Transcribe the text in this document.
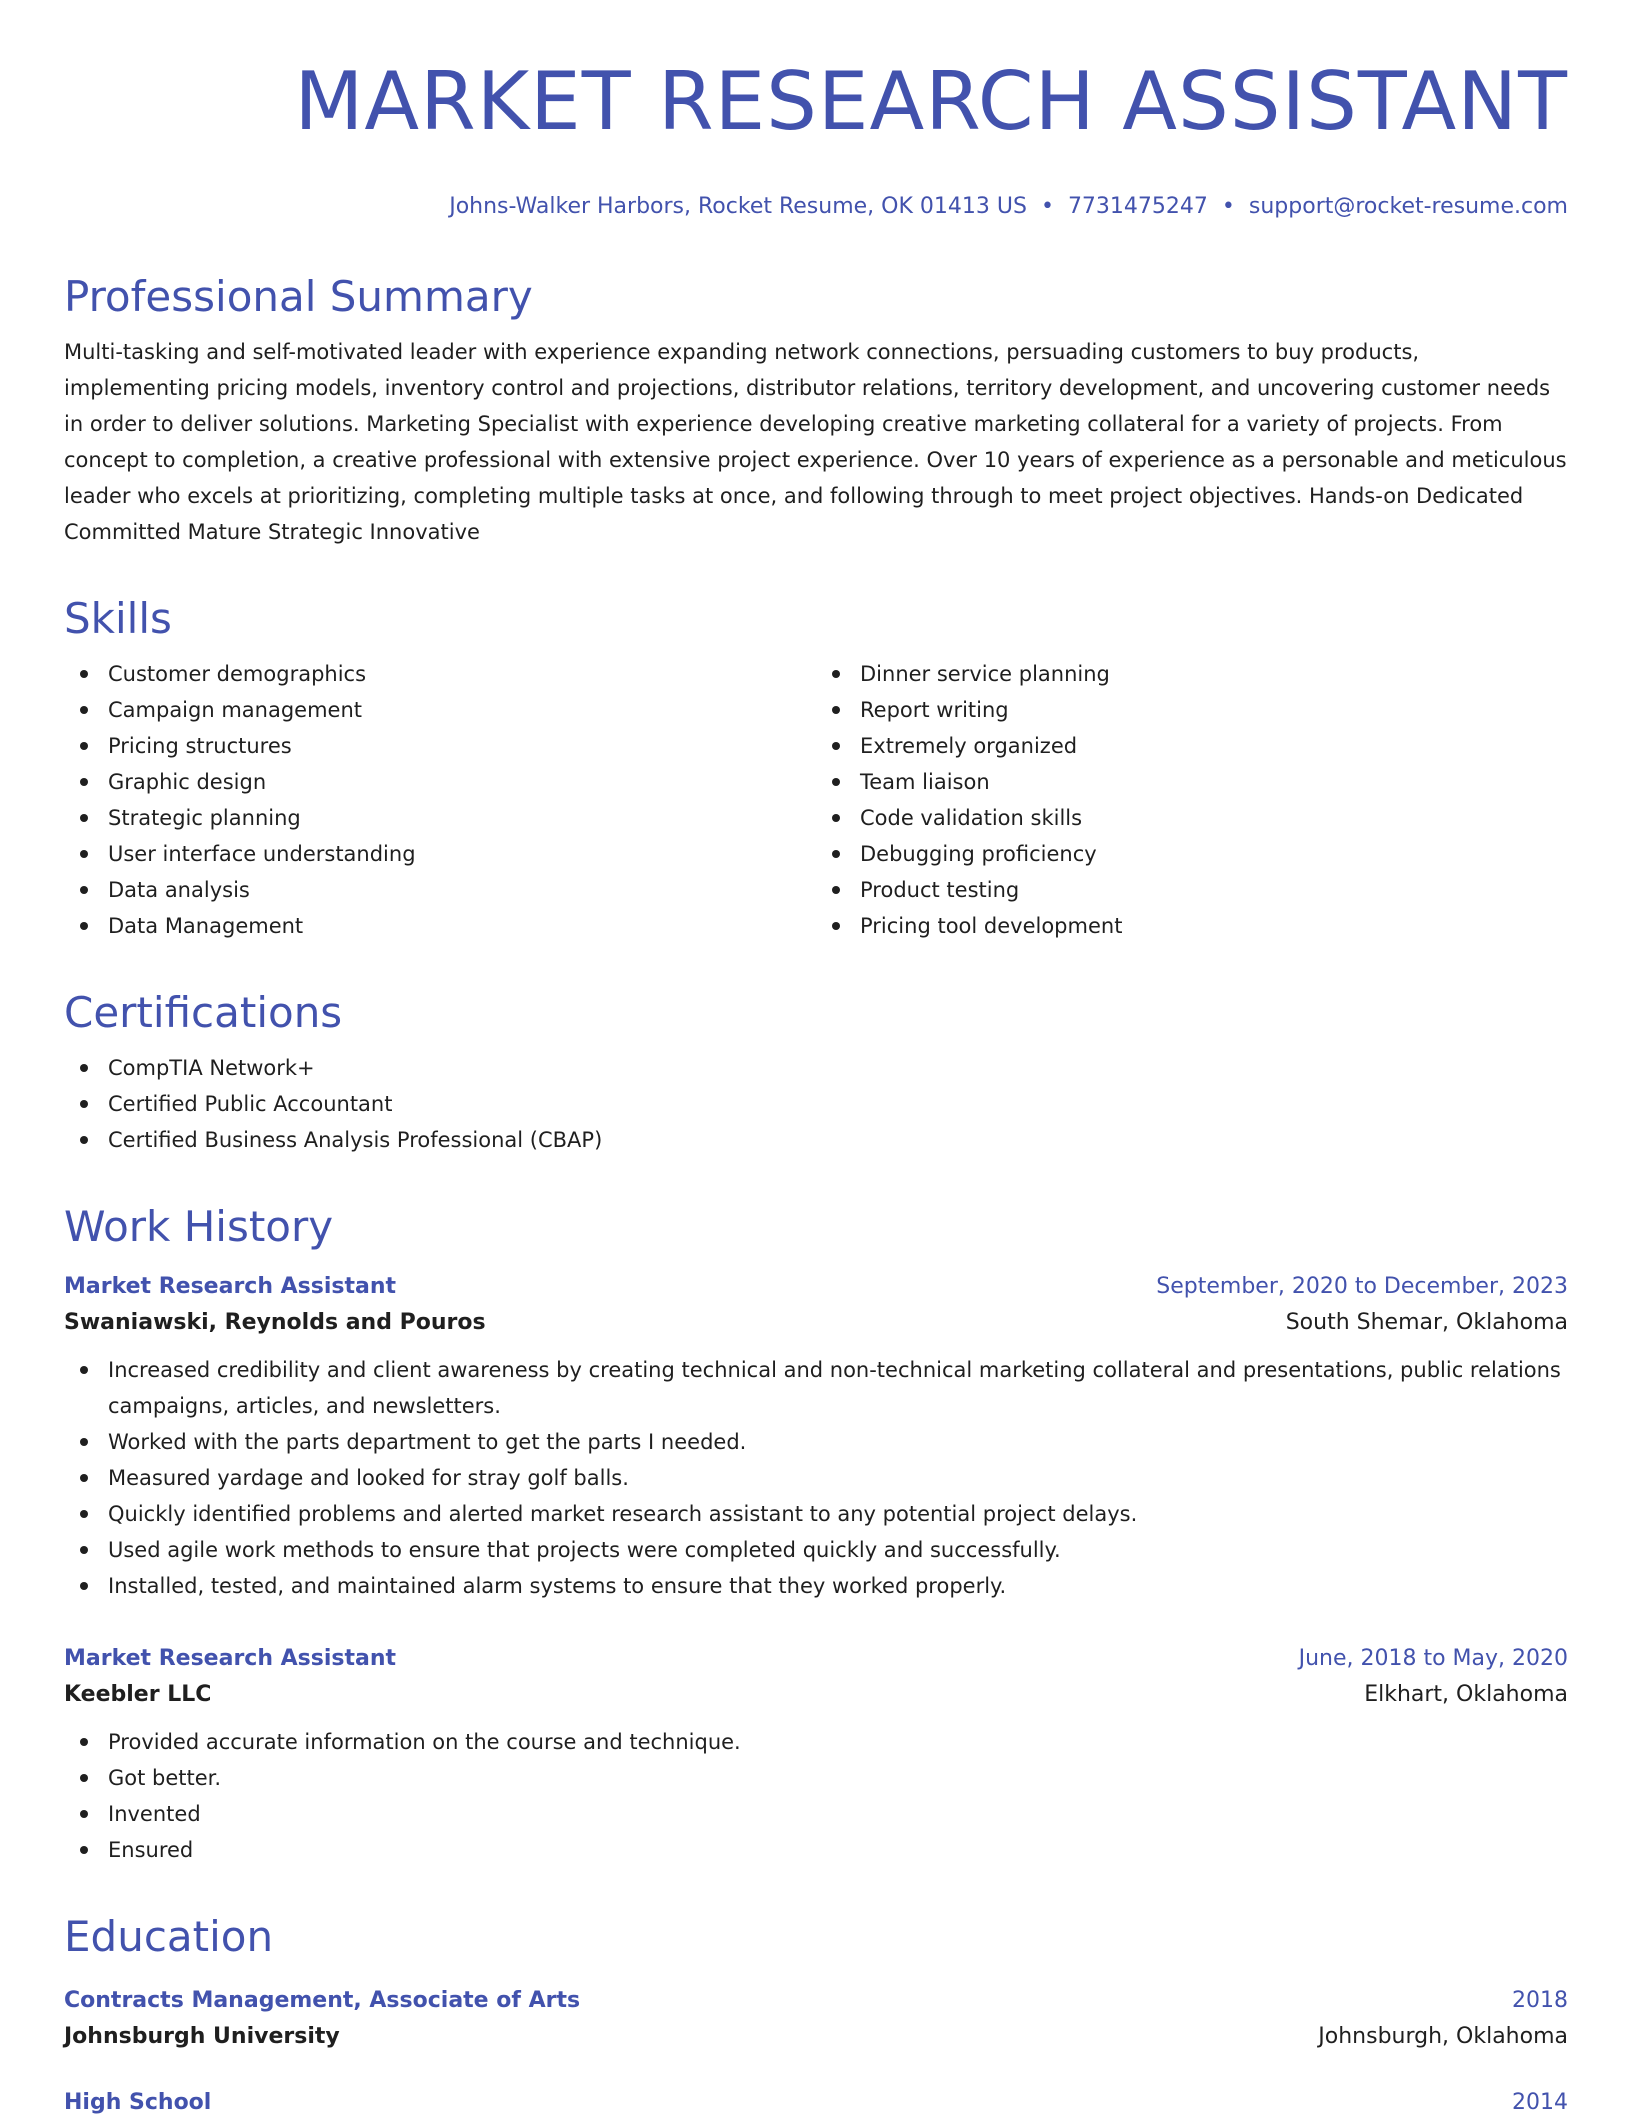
MARKET RESEARCH ASSISTANT
Johns-Walker Harbors, Rocket Resume, OK 01413 US • 7731475247 • support@rocket-resume.com
Professional Summary

Multi-tasking and self-motivated leader with experience expanding network connections, persuading customers to buy products, implementing pricing models, inventory control and projections, distributor relations, territory development, and uncovering customer needs in order to deliver solutions. Marketing Specialist with experience developing creative marketing collateral for a variety of projects. From concept to completion, a creative professional with extensive project experience. Over 10 years of experience as a personable and meticulous leader who excels at prioritizing, completing multiple tasks at once, and following through to meet project objectives. Hands-on Dedicated Committed Mature Strategic Innovative

Skills
Customer demographics
Campaign management
Pricing structures
Graphic design
Strategic planning
User interface understanding
Data analysis
Data Management
Dinner service planning
Report writing
Extremely organized
Team liaison
Code validation skills
Debugging proficiency
Product testing
Pricing tool development
Certifications
CompTIA Network+
Certified Public Accountant
Certified Business Analysis Professional (CBAP)
Work History
Market Research Assistant	September, 2020 to December, 2023
Swaniawski, Reynolds and Pouros	South Shemar, Oklahoma
Increased credibility and client awareness by creating technical and non-technical marketing collateral and presentations, public relations campaigns, articles, and newsletters.
Worked with the parts department to get the parts I needed.
Measured yardage and looked for stray golf balls.
Quickly identified problems and alerted market research assistant to any potential project delays.
Used agile work methods to ensure that projects were completed quickly and successfully.
Installed, tested, and maintained alarm systems to ensure that they worked properly.
Market Research Assistant	June, 2018 to May, 2020
Keebler LLC	Elkhart, Oklahoma
Provided accurate information on the course and technique.
Got better.
Invented
Ensured
Education
Contracts Management, Associate of Arts	2018
Johnsburgh University	Johnsburgh, Oklahoma
High School	2014
